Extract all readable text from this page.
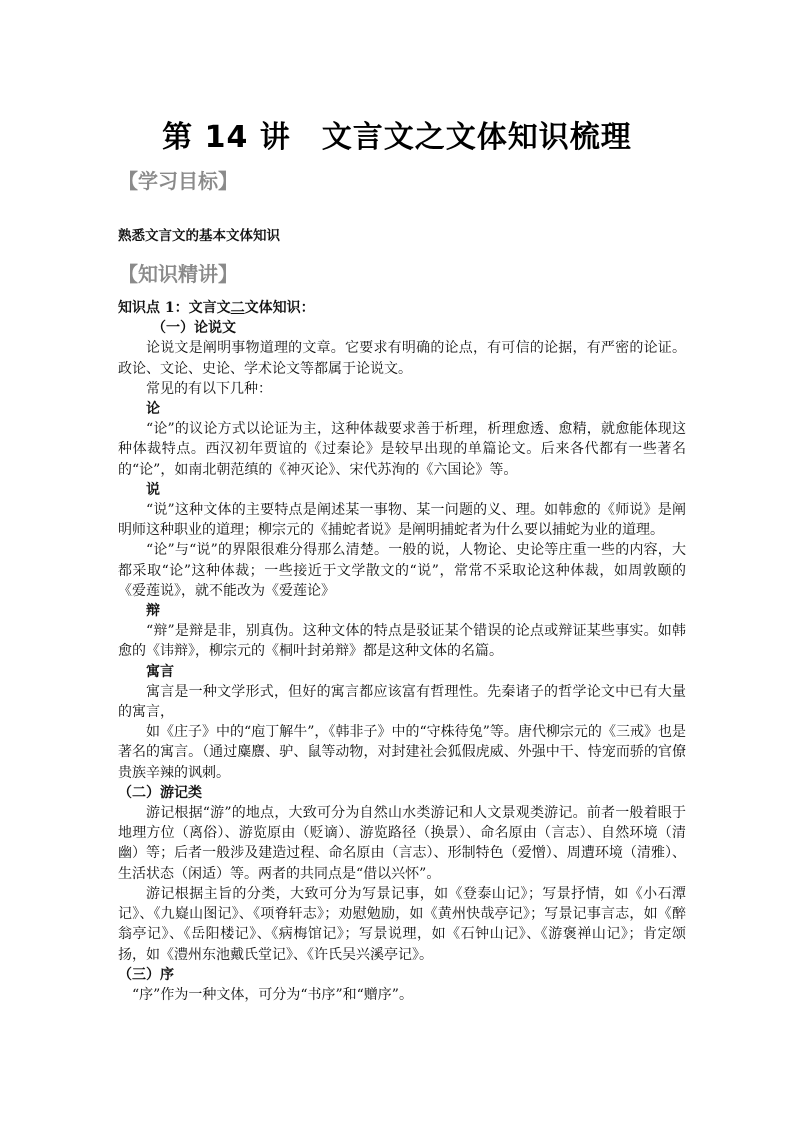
第 14 讲　文言文之文体知识梳理
【学习目标】
熟悉文言文的基本文体知识
【知识精讲】

知识点 1：文言文二文体知识：

（一）论说文

论说文是阐明事物道理的文章。它要求有明确的论点，有可信的论据，有严密的论证。政论、文论、史论、学术论文等都属于论说文。

常见的有以下几种：

论

“论”的议论方式以论证为主，这种体裁要求善于析理，析理愈透、愈精，就愈能体现这种体裁特点。西汉初年贾谊的《过秦论》是较早出现的单篇论文。后来各代都有一些著名的“论”，如南北朝范缜的《神灭论》、宋代苏洵的《六国论》等。

说

“说”这种文体的主要特点是阐述某一事物、某一问题的义、理。如韩愈的《师说》是阐明师这种职业的道理；柳宗元的《捕蛇者说》是阐明捕蛇者为什么要以捕蛇为业的道理。

“论”与“说”的界限很难分得那么清楚。一般的说，人物论、史论等庄重一些的内容，大都采取“论”这种体裁；一些接近于文学散文的“说”，常常不采取论这种体裁，如周敦颐的《爱莲说》，就不能改为《爱莲论》

辩

“辩”是辩是非，别真伪。这种文体的特点是驳证某个错误的论点或辩证某些事实。如韩愈的《讳辩》，柳宗元的《桐叶封弟辩》都是这种文体的名篇。

寓言

寓言是一种文学形式，但好的寓言都应该富有哲理性。先秦诸子的哲学论文中已有大量的寓言，

如《庄子》中的“庖丁解牛”，《韩非子》中的“守株待兔”等。唐代柳宗元的《三戒》也是著名的寓言。（通过麋麖、驴、鼠等动物，对封建社会狐假虎威、外强中干、恃宠而骄的官僚贵族辛辣的讽刺。

（二）游记类

游记根据“游”的地点，大致可分为自然山水类游记和人文景观类游记。前者一般着眼于地理方位（离俗）、游览原由（贬谪）、游览路径（换景）、命名原由（言志）、自然环境（清幽）等；后者一般涉及建造过程、命名原由（言志）、形制特色（爱憎）、周遭环境（清雅）、生活状态（闲适）等。两者的共同点是“借以兴怀”。

游记根据主旨的分类，大致可分为写景记事，如《登泰山记》；写景抒情，如《小石潭记》、《九嶷山图记》、《项脊轩志》；劝慰勉励，如《黄州快哉亭记》；写景记事言志，如《醉翁亭记》、《岳阳楼记》、《病梅馆记》；写景说理，如《石钟山记》、《游褒禅山记》；肯定颂扬，如《澧州东池戴氏堂记》、《许氏吴兴溪亭记》。

（三）序

“序”作为一种文体，可分为“书序”和“赠序”。
